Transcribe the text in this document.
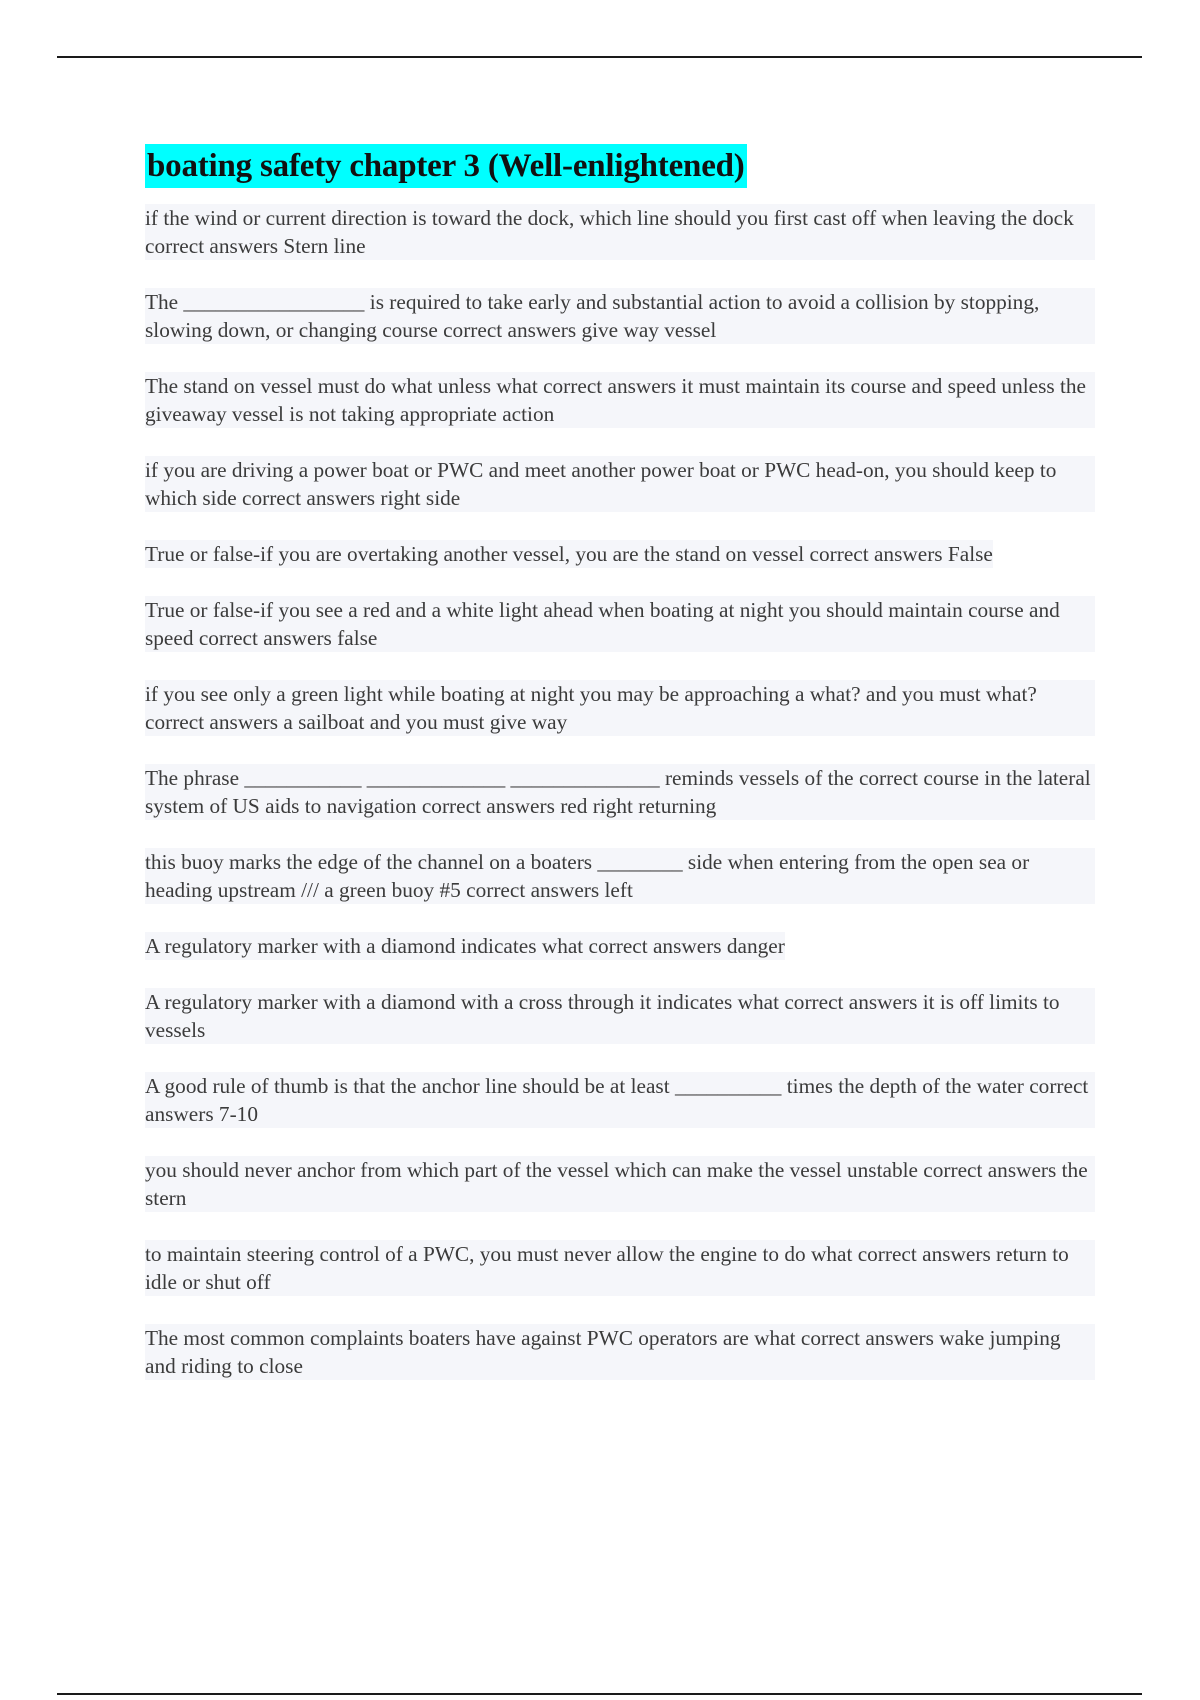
boating safety chapter 3 (Well-enlightened)

if the wind or current direction is toward the dock, which line should you first cast off when leaving the dock correct answers Stern line

The _________________ is required to take early and substantial action to avoid a collision by stopping, slowing down, or changing course correct answers give way vessel

The stand on vessel must do what unless what correct answers it must maintain its course and speed unless the giveaway vessel is not taking appropriate action

if you are driving a power boat or PWC and meet another power boat or PWC head-on, you should keep to which side correct answers right side

True or false-if you are overtaking another vessel, you are the stand on vessel correct answers False

True or false-if you see a red and a white light ahead when boating at night you should maintain course and speed correct answers false

if you see only a green light while boating at night you may be approaching a what? and you must what? correct answers a sailboat and you must give way

The phrase ___________ _____________ ______________ reminds vessels of the correct course in the lateral system of US aids to navigation correct answers red right returning

this buoy marks the edge of the channel on a boaters ________ side when entering from the open sea or heading upstream /// a green buoy #5 correct answers left

A regulatory marker with a diamond indicates what correct answers danger

A regulatory marker with a diamond with a cross through it indicates what correct answers it is off limits to vessels

A good rule of thumb is that the anchor line should be at least __________ times the depth of the water correct answers 7-10

you should never anchor from which part of the vessel which can make the vessel unstable correct answers the stern

to maintain steering control of a PWC, you must never allow the engine to do what correct answers return to idle or shut off

The most common complaints boaters have against PWC operators are what correct answers wake jumping and riding to close
